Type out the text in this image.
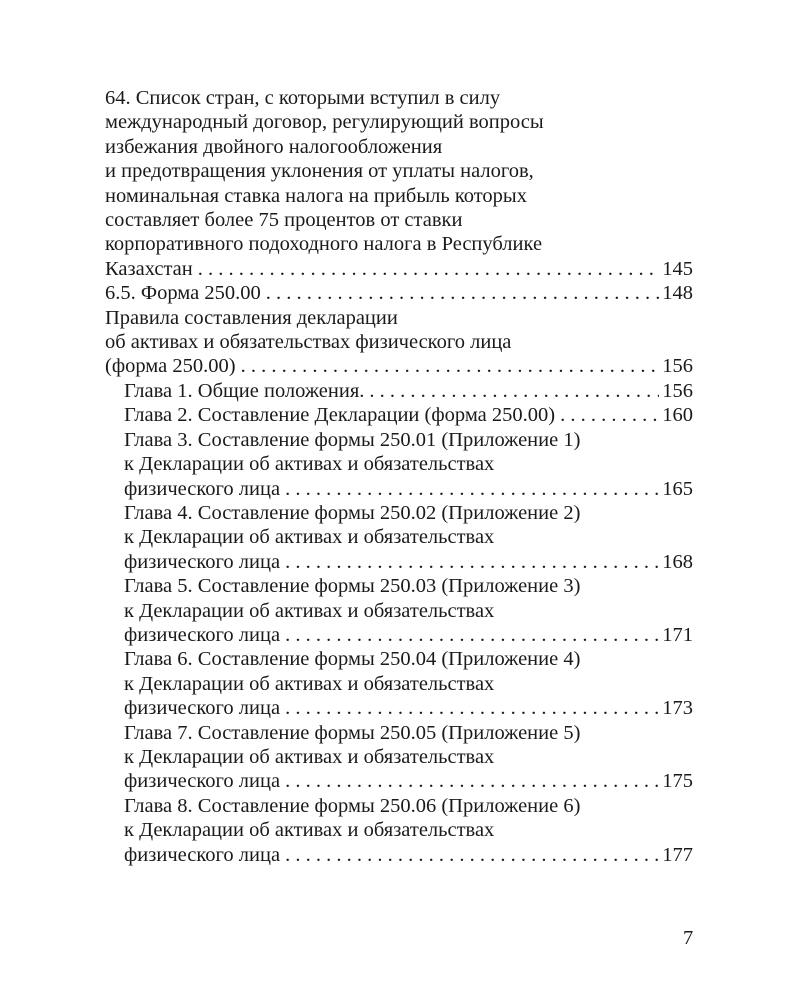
64. Список стран, с которыми вступил в силу
международный договор, регулирующий вопросы
избежания двойного налогообложения
и предотвращения уклонения от уплаты налогов,
номинальная ставка налога на прибыль которых
составляет более 75 процентов от ставки
корпоративного подоходного налога в Республике
Казахстан . . .	145
6.5. Форма 250.00 . . .	148
Правила составления декларации
об активах и обязательствах физического лица
(форма 250.00) . . .	156
Глава 1. Общие положения. . . .	156
Глава 2. Составление Декларации (форма 250.00) . . .	160
Глава 3. Составление формы 250.01 (Приложение 1)
к Декларации об активах и обязательствах
физического лица . . .	165
Глава 4. Составление формы 250.02 (Приложение 2)
к Декларации об активах и обязательствах
физического лица . . .	168
Глава 5. Составление формы 250.03 (Приложение 3)
к Декларации об активах и обязательствах
физического лица . . .	171
Глава 6. Составление формы 250.04 (Приложение 4)
к Декларации об активах и обязательствах
физического лица . . .	173
Глава 7. Составление формы 250.05 (Приложение 5)
к Декларации об активах и обязательствах
физического лица . . .	175
Глава 8. Составление формы 250.06 (Приложение 6)
к Декларации об активах и обязательствах
физического лица . . .	177
7
